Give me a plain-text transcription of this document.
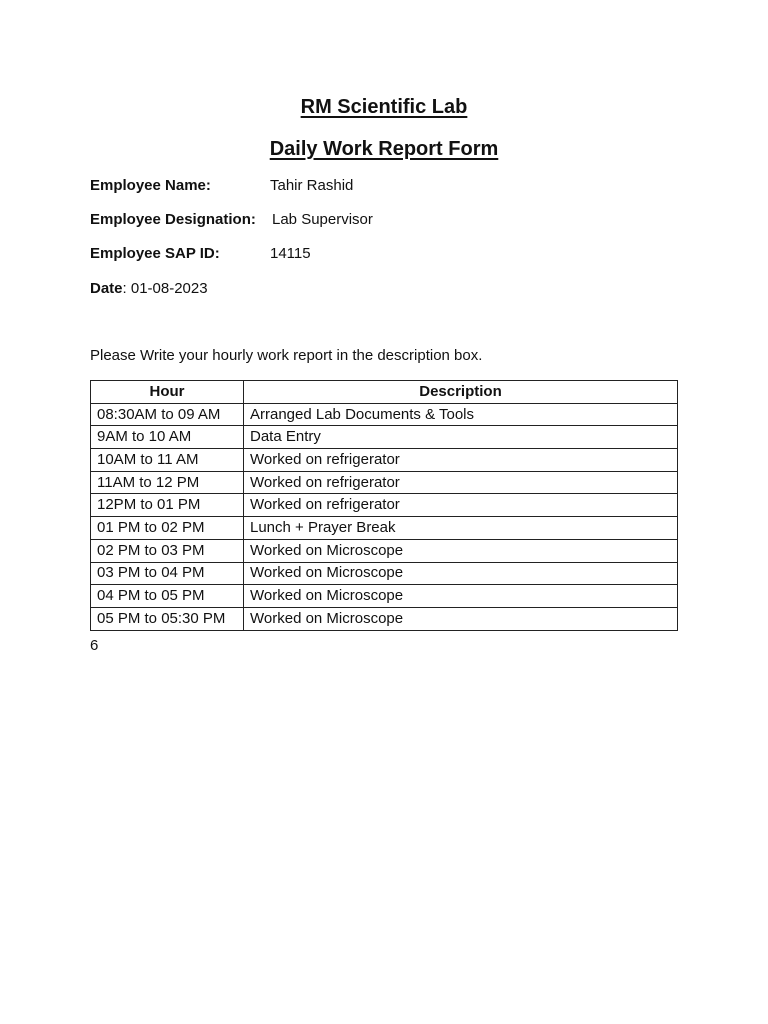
RM Scientific Lab
Daily Work Report Form
Employee Name:	Tahir Rashid
Employee Designation: Lab Supervisor
Employee SAP ID:	14115
Date: 01-08-2023
Please Write your hourly work report in the description box.
Hour	Description
08:30AM to 09 AM	Arranged Lab Documents & Tools
9AM to 10 AM	Data Entry
10AM to 11 AM	Worked on refrigerator
11AM to 12 PM	Worked on refrigerator
12PM to 01 PM	Worked on refrigerator
01 PM to 02 PM	Lunch + Prayer Break
02 PM to 03 PM	Worked on Microscope
03 PM to 04 PM	Worked on Microscope
04 PM to 05 PM	Worked on Microscope
05 PM to 05:30 PM	Worked on Microscope
6
